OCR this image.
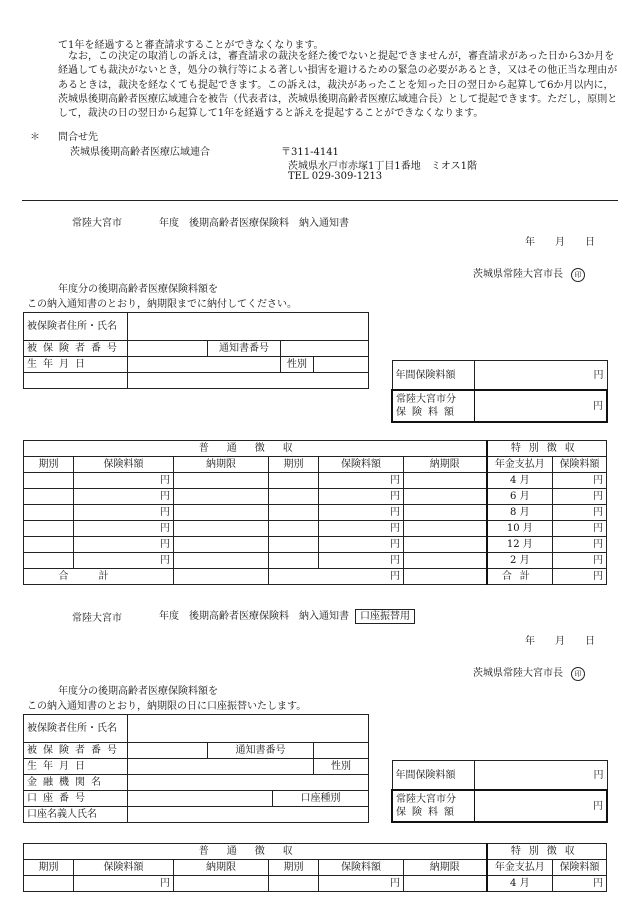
て1年を経過すると審査請求することができなくなります。
　なお，この決定の取消しの訴えは，審査請求の裁決を経た後でないと提起できませんが，審査請求があった日から3か月を経過しても裁決がないとき，処分の執行等による著しい損害を避けるための緊急の必要があるとき，又はその他正当な理由があるときは，裁決を経なくても提起できます。この訴えは，裁決があったことを知った日の翌日から起算して6か月以内に，茨城県後期高齢者医療広域連合を被告（代表者は，茨城県後期高齢者医療広域連合長）として提起できます。ただし，原則として，裁決の日の翌日から起算して1年を経過すると訴えを提起することができなくなります。
＊ 問合せ先
茨城県後期高齢者医療広域連合	〒311-4141
茨城県水戸市赤塚1丁目1番地　ミオス1階
TEL 029-309-1213
常陸大宮市	年度　後期高齢者医療保険料　納入通知書
年　　月　　日
茨城県常陸大宮市長 印
年度分の後期高齢者医療保険料額を
この納入通知書のとおり，納期限までに納付してください。
被保険者住所・氏名				
被保険者番号		通知書番号		
生年月日			性別	

年間保険料額	円
常陸大宮市分
保険料額	円
普通徴収						特別徴収	
期別	保険料額	納期限	期別	保険料額	納期限	年金支払月	保険料額
	円			円		4 月	円
	円			円		6 月	円
	円			円		8 月	円
	円			円		10 月	円
	円			円		12 月	円
	円			円		2 月	円
合計			円			合計	円
常陸大宮市	年度　後期高齢者医療保険料　納入通知書 口座振替用
年　　月　　日
茨城県常陸大宮市長 印
年度分の後期高齢者医療保険料額を
この納入通知書のとおり，納期限の日に口座振替いたします。
被保険者住所・氏名				
被保険者番号		通知書番号		
生年月日				性別
金融機関名				
口座番号			口座種別	
口座名義人氏名				
年間保険料額	円
常陸大宮市分
保険料額	円
普通徴収						特別徴収	
期別	保険料額	納期限	期別	保険料額	納期限	年金支払月	保険料額
	円			円		4 月	円
